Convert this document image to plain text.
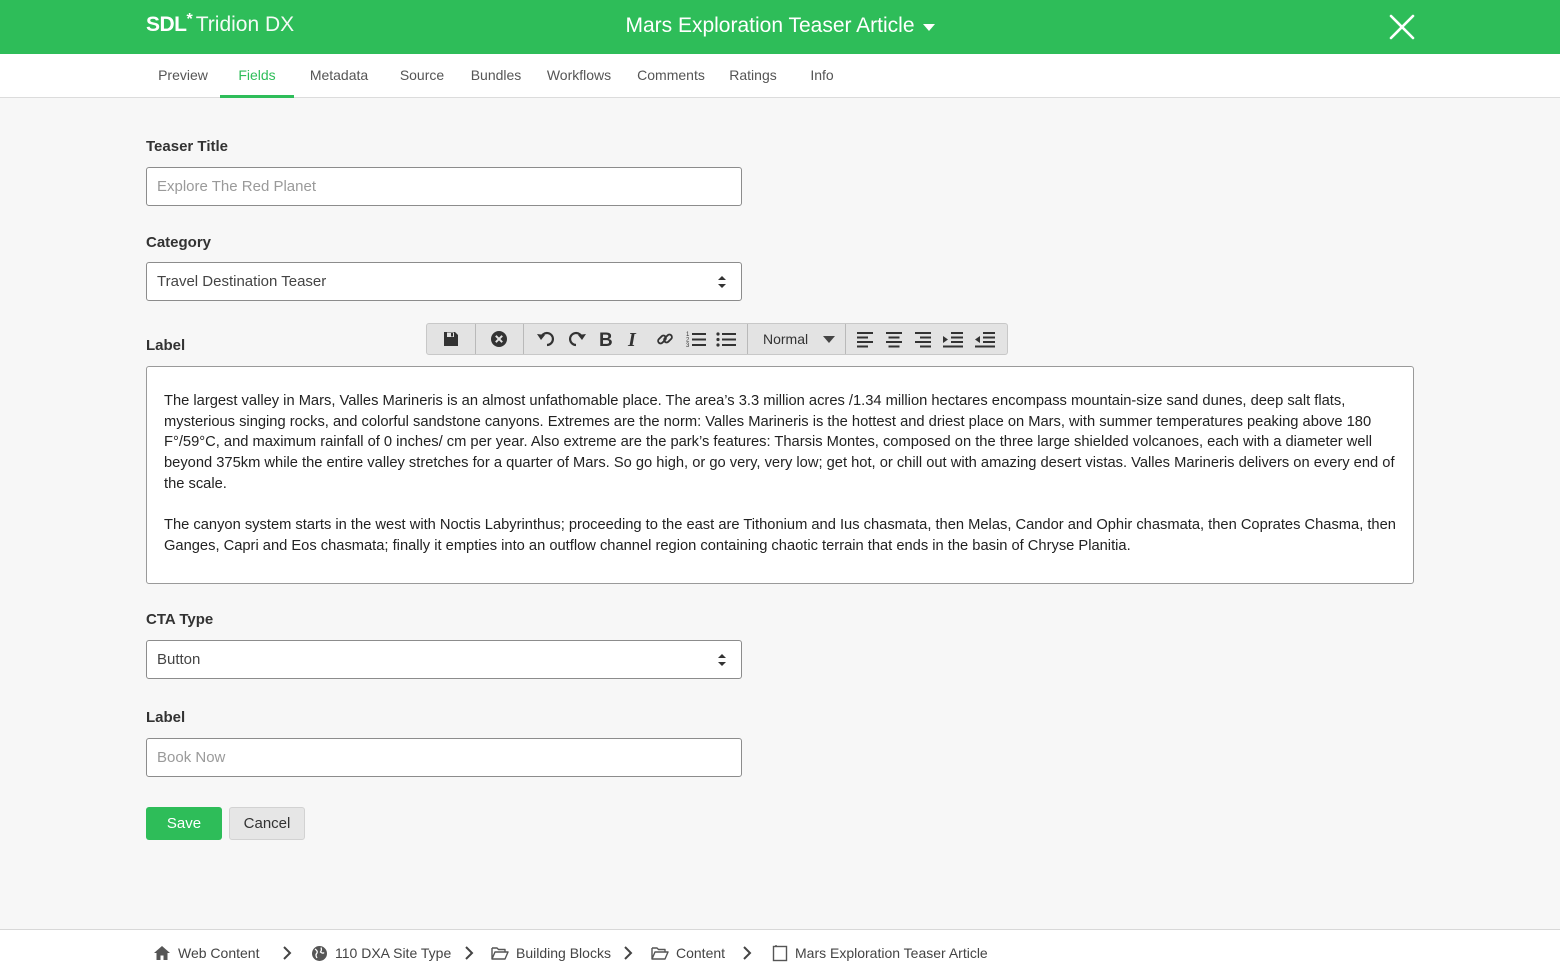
SDL * Tridion DX	Mars Exploration Teaser Article
Preview	Fields	Metadata	Source	Bundles	Workflows	Comments	Ratings	Info
Teaser Title
Explore The Red Planet
Category
Travel Destination Teaser
Label	B I	1
2
3	Normal

The largest valley in Mars, Valles Marineris is an almost unfathomable place. The area’s 3.3 million acres /1.34 million hectares encompass mountain-size sand dunes, deep salt flats, mysterious singing rocks, and colorful sandstone canyons. Extremes are the norm: Valles Marineris is the hottest and driest place on Mars, with summer temperatures peaking above 180 F°/59°C, and maximum rainfall of 0 inches/ cm per year. Also extreme are the park’s features: Tharsis Montes, composed on the three large shielded volcanoes, each with a diameter well beyond 375km while the entire valley stretches for a quarter of Mars. So go high, or go very, very low; get hot, or chill out with amazing desert vistas. Valles Marineris delivers on every end of the scale.

The canyon system starts in the west with Noctis Labyrinthus; proceeding to the east are Tithonium and Ius chasmata, then Melas, Candor and Ophir chasmata, then Coprates Chasma, then Ganges, Capri and Eos chasmata; finally it empties into an outflow channel region containing chaotic terrain that ends in the basin of Chryse Planitia.

CTA Type
Button
Label
Book Now
Save	Cancel
Web Content	110 DXA Site Type	Building Blocks	Content	Mars Exploration Teaser Article
